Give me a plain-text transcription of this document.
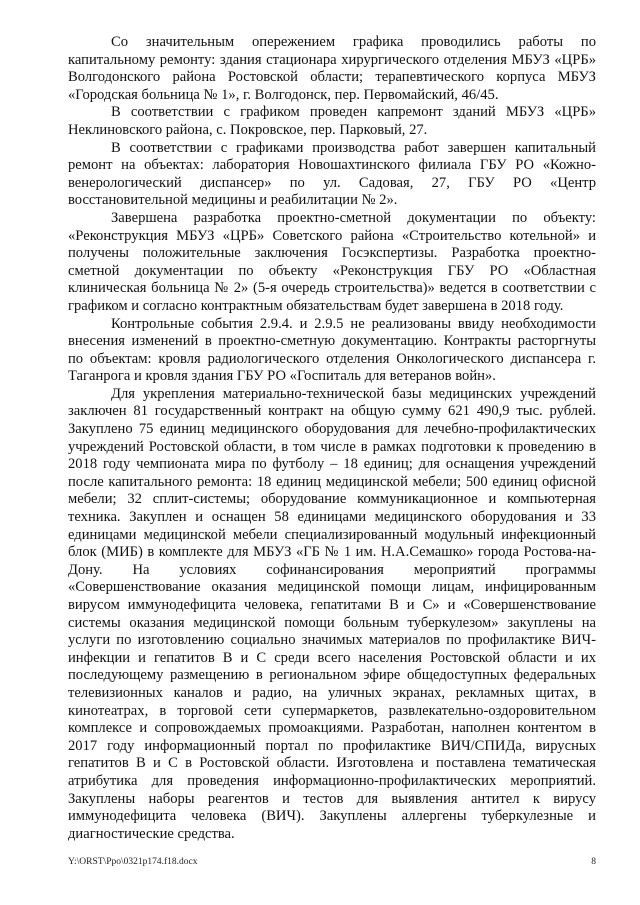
Со значительным опережением графика проводились работы по капитальному ремонту: здания стационара хирургического отделения МБУЗ «ЦРБ» Волгодонского района Ростовской области; терапевтического корпуса МБУЗ «Городская больница № 1», г. Волгодонск, пер. Первомайский, 46/45.

В соответствии с графиком проведен капремонт зданий МБУЗ «ЦРБ» Неклиновского района, с. Покровское, пер. Парковый, 27.

В соответствии с графиками производства работ завершен капитальный ремонт на объектах: лаборатория Новошахтинского филиала ГБУ РО «Кожно-венерологический диспансер» по ул. Садовая, 27, ГБУ РО «Центр восстановительной медицины и реабилитации № 2».

Завершена разработка проектно-сметной документации по объекту: «Реконструкция МБУЗ «ЦРБ» Советского района «Строительство котельной» и получены положительные заключения Госэкспертизы. Разработка проектно-сметной документации по объекту «Реконструкция ГБУ РО «Областная клиническая больница № 2» (5-я очередь строительства)» ведется в соответствии с графиком и согласно контрактным обязательствам будет завершена в 2018 году.

Контрольные события 2.9.4. и 2.9.5 не реализованы ввиду необходимости внесения изменений в проектно-сметную документацию. Контракты расторгнуты по объектам: кровля радиологического отделения Онкологического диспансера г. Таганрога и кровля здания ГБУ РО «Госпиталь для ветеранов войн».

Для укрепления материально-технической базы медицинских учреждений заключен 81 государственный контракт на общую сумму 621 490,9 тыс. рублей. Закуплено 75 единиц медицинского оборудования для лечебно-профилактических учреждений Ростовской области, в том числе в рамках подготовки к проведению в 2018 году чемпионата мира по футболу – 18 единиц; для оснащения учреждений после капитального ремонта: 18 единиц медицинской мебели; 500 единиц офисной мебели; 32 сплит-системы; оборудование коммуникационное и компьютерная техника. Закуплен и оснащен 58 единицами медицинского оборудования и 33 единицами медицинской мебели специализированный модульный инфекционный блок (МИБ) в комплекте для МБУЗ «ГБ № 1 им. Н.А.Семашко» города Ростова-на-Дону. На условиях софинансирования мероприятий программы «Совершенствование оказания медицинской помощи лицам, инфицированным вирусом иммунодефицита человека, гепатитами В и С» и «Совершенствование системы оказания медицинской помощи больным туберкулезом» закуплены на услуги по изготовлению социально значимых материалов по профилактике ВИЧ-инфекции и гепатитов В и С среди всего населения Ростовской области и их последующему размещению в региональном эфире общедоступных федеральных телевизионных каналов и радио, на уличных экранах, рекламных щитах, в кинотеатрах, в торговой сети супермаркетов, развлекательно-оздоровительном комплексе и сопровождаемых промоакциями. Разработан, наполнен контентом в 2017 году информационный портал по профилактике ВИЧ/СПИДа, вирусных гепатитов В и С в Ростовской области. Изготовлена и поставлена тематическая атрибутика для проведения информационно-профилактических мероприятий. Закуплены наборы реагентов и тестов для выявления антител к вирусу иммунодефицита человека (ВИЧ). Закуплены аллергены туберкулезные и диагностические средства.

Y:\ORST\Ppo\0321p174.f18.docx	8
